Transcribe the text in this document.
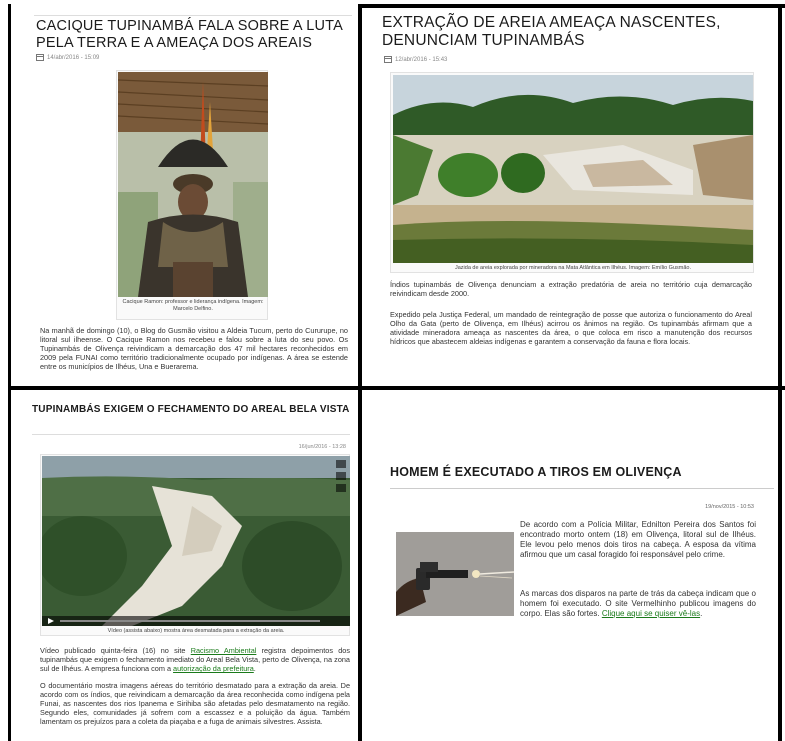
CACIQUE TUPINAMBÁ FALA SOBRE A LUTA PELA TERRA E A AMEAÇA DOS AREAIS
14/abr/2016 - 15:09
Cacique Ramon: professor e liderança indígena. Imagem: Marcelo Delfino.
Na manhã de domingo (10), o Blog do Gusmão visitou a Aldeia Tucum, perto do Cururupe, no litoral sul ilheense. O Cacique Ramon nos recebeu e falou sobre a luta do seu povo. Os Tupinambás de Olivença reivindicam a demarcação dos 47 mil hectares reconhecidos em 2009 pela FUNAI como território tradicionalmente ocupado por indígenas. A área se estende entre os municípios de Ilhéus, Una e Buerarema.
EXTRAÇÃO DE AREIA AMEAÇA NASCENTES, DENUNCIAM TUPINAMBÁS
12/abr/2016 - 15:43
Jazida de areia explorada por mineradora na Mata Atlântica em Ilhéus. Imagem: Emílio Gusmão.
Índios tupinambás de Olivença denunciam a extração predatória de areia no território cuja demarcação reivindicam desde 2000.
Expedido pela Justiça Federal, um mandado de reintegração de posse que autoriza o funcionamento do Areal Olho da Gata (perto de Olivença, em Ilhéus) acirrou os ânimos na região. Os tupinambás afirmam que a atividade mineradora ameaça as nascentes da área, o que coloca em risco a manutenção dos recursos hídricos que abastecem aldeias indígenas e garantem a conservação da fauna e flora locais.
TUPINAMBÁS EXIGEM O FECHAMENTO DO AREAL BELA VISTA
16/jun/2016 - 13:28
Vídeo (assista abaixo) mostra área desmatada para a extração da areia.
Vídeo publicado quinta-feira (16) no site Racismo Ambiental registra depoimentos dos tupinambás que exigem o fechamento imediato do Areal Bela Vista, perto de Olivença, na zona sul de Ilhéus. A empresa funciona com a autorização da prefeitura.
O documentário mostra imagens aéreas do território desmatado para a extração da areia. De acordo com os índios, que reivindicam a demarcação da área reconhecida como indígena pela Funai, as nascentes dos rios Ipanema e Sirihiba são afetadas pelo desmatamento na região. Segundo eles, comunidades já sofrem com a escassez e a poluição da água. Também lamentam os prejuízos para a coleta da piaçaba e a fuga de animais silvestres. Assista.
HOMEM É EXECUTADO A TIROS EM OLIVENÇA
19/nov/2015 - 10:53
De acordo com a Polícia Militar, Ednilton Pereira dos Santos foi encontrado morto ontem (18) em Olivença, litoral sul de Ilhéus. Ele levou pelo menos dois tiros na cabeça. A esposa da vítima afirmou que um casal foragido foi responsável pelo crime.
As marcas dos disparos na parte de trás da cabeça indicam que o homem foi executado. O site Vermelhinho publicou imagens do corpo. Elas são fortes. Clique aqui se quiser vê-las.
